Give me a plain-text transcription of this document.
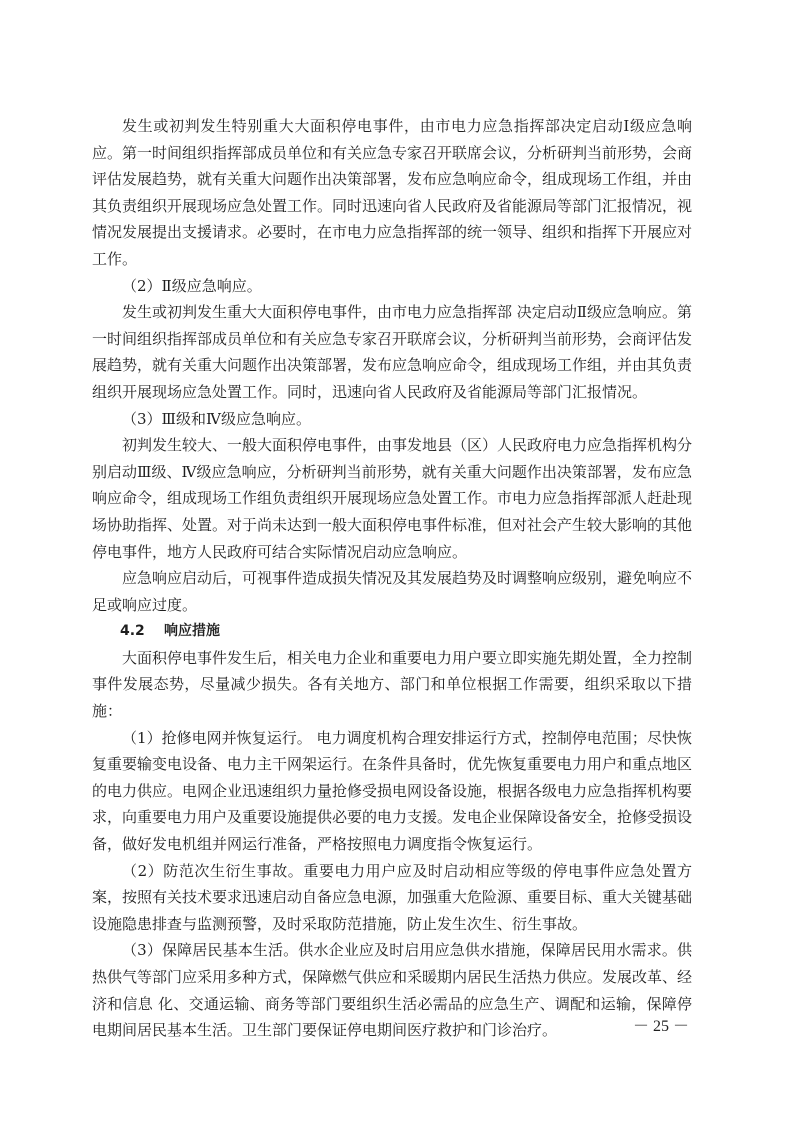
发生或初判发生特别重大大面积停电事件，由市电力应急指挥部决定启动Ⅰ级应急响应。第一时间组织指挥部成员单位和有关应急专家召开联席会议，分析研判当前形势，会商评估发展趋势，就有关重大问题作出决策部署，发布应急响应命令，组成现场工作组，并由其负责组织开展现场应急处置工作。同时迅速向省人民政府及省能源局等部门汇报情况，视情况发展提出支援请求。必要时，在市电力应急指挥部的统一领导、组织和指挥下开展应对工作。

（2）Ⅱ级应急响应。

发生或初判发生重大大面积停电事件，由市电力应急指挥部 决定启动Ⅱ级应急响应。第一时间组织指挥部成员单位和有关应急专家召开联席会议，分析研判当前形势，会商评估发展趋势，就有关重大问题作出决策部署，发布应急响应命令，组成现场工作组，并由其负责组织开展现场应急处置工作。同时，迅速向省人民政府及省能源局等部门汇报情况。

（3）Ⅲ级和Ⅳ级应急响应。

初判发生较大、一般大面积停电事件，由事发地县（区）人民政府电力应急指挥机构分别启动Ⅲ级、Ⅳ级应急响应，分析研判当前形势，就有关重大问题作出决策部署，发布应急响应命令，组成现场工作组负责组织开展现场应急处置工作。市电力应急指挥部派人赶赴现场协助指挥、处置。对于尚未达到一般大面积停电事件标准，但对社会产生较大影响的其他停电事件，地方人民政府可结合实际情况启动应急响应。

应急响应启动后，可视事件造成损失情况及其发展趋势及时调整响应级别，避免响应不足或响应过度。

4.2 响应措施

大面积停电事件发生后，相关电力企业和重要电力用户要立即实施先期处置，全力控制事件发展态势，尽量减少损失。各有关地方、部门和单位根据工作需要，组织采取以下措施：

（1）抢修电网并恢复运行。 电力调度机构合理安排运行方式，控制停电范围；尽快恢复重要输变电设备、电力主干网架运行。在条件具备时，优先恢复重要电力用户和重点地区的电力供应。电网企业迅速组织力量抢修受损电网设备设施，根据各级电力应急指挥机构要求，向重要电力用户及重要设施提供必要的电力支援。发电企业保障设备安全，抢修受损设备，做好发电机组并网运行准备，严格按照电力调度指令恢复运行。

（2）防范次生衍生事故。重要电力用户应及时启动相应等级的停电事件应急处置方案，按照有关技术要求迅速启动自备应急电源，加强重大危险源、重要目标、重大关键基础设施隐患排查与监测预警，及时采取防范措施，防止发生次生、衍生事故。

（3）保障居民基本生活。供水企业应及时启用应急供水措施，保障居民用水需求。供热供气等部门应采用多种方式，保障燃气供应和采暖期内居民生活热力供应。发展改革、经济和信息 化、交通运输、商务等部门要组织生活必需品的应急生产、调配和运输，保障停电期间居民基本生活。卫生部门要保证停电期间医疗救护和门诊治疗。	－ 25 －
